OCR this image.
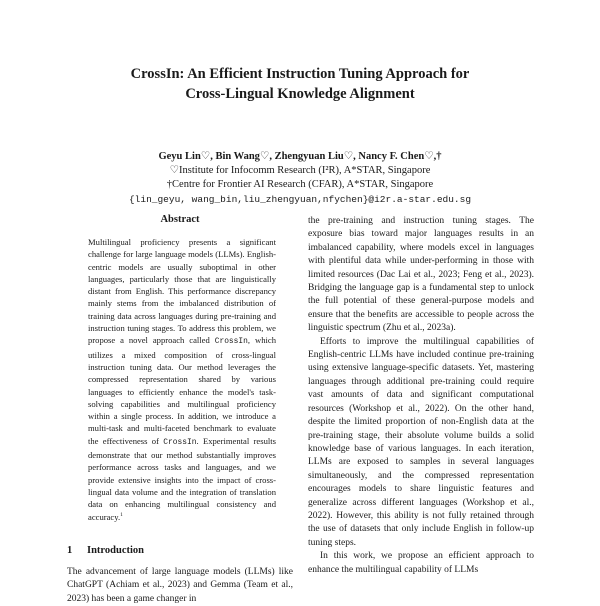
CrossIn: An Efficient Instruction Tuning Approach for
Cross-Lingual Knowledge Alignment
Geyu Lin♡, Bin Wang♡, Zhengyuan Liu♡, Nancy F. Chen♡,†
♡Institute for Infocomm Research (I²R), A*STAR, Singapore
†Centre for Frontier AI Research (CFAR), A*STAR, Singapore
{lin_geyu, wang_bin,liu_zhengyuan,nfychen}@i2r.a-star.edu.sg
Abstract
Multilingual proficiency presents a significant challenge for large language models (LLMs). English-centric models are usually suboptimal in other languages, particularly those that are linguistically distant from English. This performance discrepancy mainly stems from the imbalanced distribution of training data across languages during pre-training and instruction tuning stages. To address this problem, we propose a novel approach called CrossIn, which utilizes a mixed composition of cross-lingual instruction tuning data. Our method leverages the compressed representation shared by various languages to efficiently enhance the model's task-solving capabilities and multilingual proficiency within a single process. In addition, we introduce a multi-task and multi-faceted benchmark to evaluate the effectiveness of CrossIn. Experimental results demonstrate that our method substantially improves performance across tasks and languages, and we provide extensive insights into the impact of cross-lingual data volume and the integration of translation data on enhancing multilingual consistency and accuracy.$^1$
1 Introduction
The advancement of large language models (LLMs) like ChatGPT (Achiam et al., 2023) and Gemma (Team et al., 2023) has been a game changer in

the pre-training and instruction tuning stages. The exposure bias toward major languages results in an imbalanced capability, where models excel in languages with plentiful data while under-performing in those with limited resources (Dac Lai et al., 2023; Feng et al., 2023). Bridging the language gap is a fundamental step to unlock the full potential of these general-purpose models and ensure that the benefits are accessible to people across the linguistic spectrum (Zhu et al., 2023a).

Efforts to improve the multilingual capabilities of English-centric LLMs have included continue pre-training using extensive language-specific datasets. Yet, mastering languages through additional pre-training could require vast amounts of data and significant computational resources (Workshop et al., 2022). On the other hand, despite the limited proportion of non-English data at the pre-training stage, their absolute volume builds a solid knowledge base of various languages. In each iteration, LLMs are exposed to samples in several languages simultaneously, and the compressed representation encourages models to share linguistic features and generalize across different languages (Workshop et al., 2022). However, this ability is not fully retained through the use of datasets that only include English in follow-up tuning steps.

In this work, we propose an efficient approach to enhance the multilingual capability of LLMs
